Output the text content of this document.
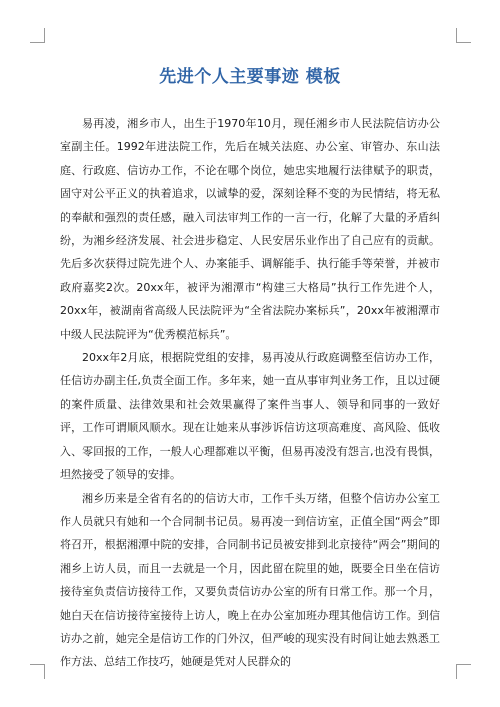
先进个人主要事迹 模板

易再凌，湘乡市人，出生于1970年10月，现任湘乡市人民法院信访办公室副主任。1992年进法院工作，先后在城关法庭、办公室、审管办、东山法庭、行政庭、信访办工作，不论在哪个岗位，她忠实地履行法律赋予的职责，固守对公平正义的执着追求，以诚挚的爱，深刻诠释不变的为民情结，将无私的奉献和强烈的责任感，融入司法审判工作的一言一行，化解了大量的矛盾纠纷，为湘乡经济发展、社会进步稳定、人民安居乐业作出了自己应有的贡献。先后多次获得过院先进个人、办案能手、调解能手、执行能手等荣誉，并被市政府嘉奖2次。20xx年，被评为湘潭市“构建三大格局”执行工作先进个人，20xx年，被湖南省高级人民法院评为“全省法院办案标兵”，20xx年被湘潭市中级人民法院评为“优秀模范标兵”。

20xx年2月底，根据院党组的安排，易再凌从行政庭调整至信访办工作，任信访办副主任,负责全面工作。多年来，她一直从事审判业务工作，且以过硬的案件质量、法律效果和社会效果赢得了案件当事人、领导和同事的一致好评，工作可谓顺风顺水。现在让她来从事涉诉信访这项高难度、高风险、低收入、零回报的工作，一般人心理都难以平衡，但易再凌没有怨言,也没有畏惧，坦然接受了领导的安排。

湘乡历来是全省有名的的信访大市，工作千头万绪，但整个信访办公室工作人员就只有她和一个合同制书记员。易再凌一到信访室，正值全国“两会”即将召开，根据湘潭中院的安排，合同制书记员被安排到北京接待“两会”期间的湘乡上访人员，而且一去就是一个月，因此留在院里的她，既要全日坐在信访接待室负责信访接待工作，又要负责信访办公室的所有日常工作。那一个月，她白天在信访接待室接待上访人，晚上在办公室加班办理其他信访工作。到信访办之前，她完全是信访工作的门外汉，但严峻的现实没有时间让她去熟悉工作方法、总结工作技巧，她硬是凭对人民群众的
